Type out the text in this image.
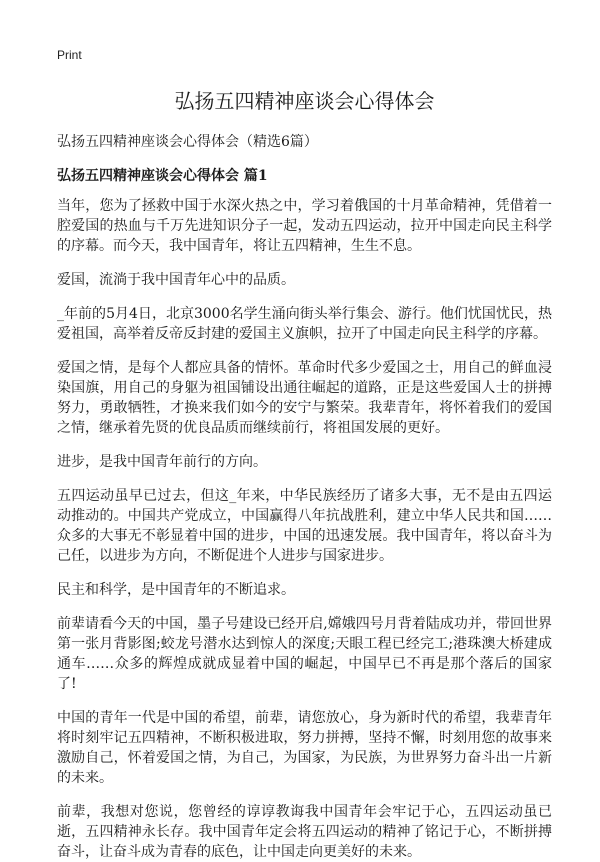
Print
弘扬五四精神座谈会心得体会

弘扬五四精神座谈会心得体会（精选6篇）

弘扬五四精神座谈会心得体会 篇1

当年，您为了拯救中国于水深火热之中，学习着俄国的十月革命精神，凭借着一腔爱国的热血与千万先进知识分子一起，发动五四运动，拉开中国走向民主科学的序幕。而今天，我中国青年，将让五四精神，生生不息。

爱国，流淌于我中国青年心中的品质。

_年前的5月4日，北京3000名学生涌向街头举行集会、游行。他们忧国忧民，热爱祖国，高举着反帝反封建的爱国主义旗帜，拉开了中国走向民主科学的序幕。

爱国之情，是每个人都应具备的情怀。革命时代多少爱国之士，用自己的鲜血浸染国旗，用自己的身躯为祖国铺设出通往崛起的道路，正是这些爱国人士的拼搏努力，勇敢牺牲，才换来我们如今的安宁与繁荣。我辈青年，将怀着我们的爱国之情，继承着先贤的优良品质而继续前行，将祖国发展的更好。

进步，是我中国青年前行的方向。

五四运动虽早已过去，但这_年来，中华民族经历了诸多大事，无不是由五四运动推动的。中国共产党成立，中国赢得八年抗战胜利，建立中华人民共和国……众多的大事无不彰显着中国的进步，中国的迅速发展。我中国青年，将以奋斗为己任，以进步为方向，不断促进个人进步与国家进步。

民主和科学，是中国青年的不断追求。

前辈请看今天的中国，墨子号建设已经开启,嫦娥四号月背着陆成功并，带回世界第一张月背影图;蛟龙号潜水达到惊人的深度;天眼工程已经完工;港珠澳大桥建成通车……众多的辉煌成就成显着中国的崛起，中国早已不再是那个落后的国家了!

中国的青年一代是中国的希望，前辈，请您放心，身为新时代的希望，我辈青年将时刻牢记五四精神，不断积极进取，努力拼搏，坚持不懈，时刻用您的故事来激励自己，怀着爱国之情，为自己，为国家，为民族，为世界努力奋斗出一片新的未来。

前辈，我想对您说，您曾经的谆谆教诲我中国青年会牢记于心，五四运动虽已逝，五四精神永长存。我中国青年定会将五四运动的精神了铭记于心，不断拼搏奋斗，让奋斗成为青春的底色，让中国走向更美好的未来。
